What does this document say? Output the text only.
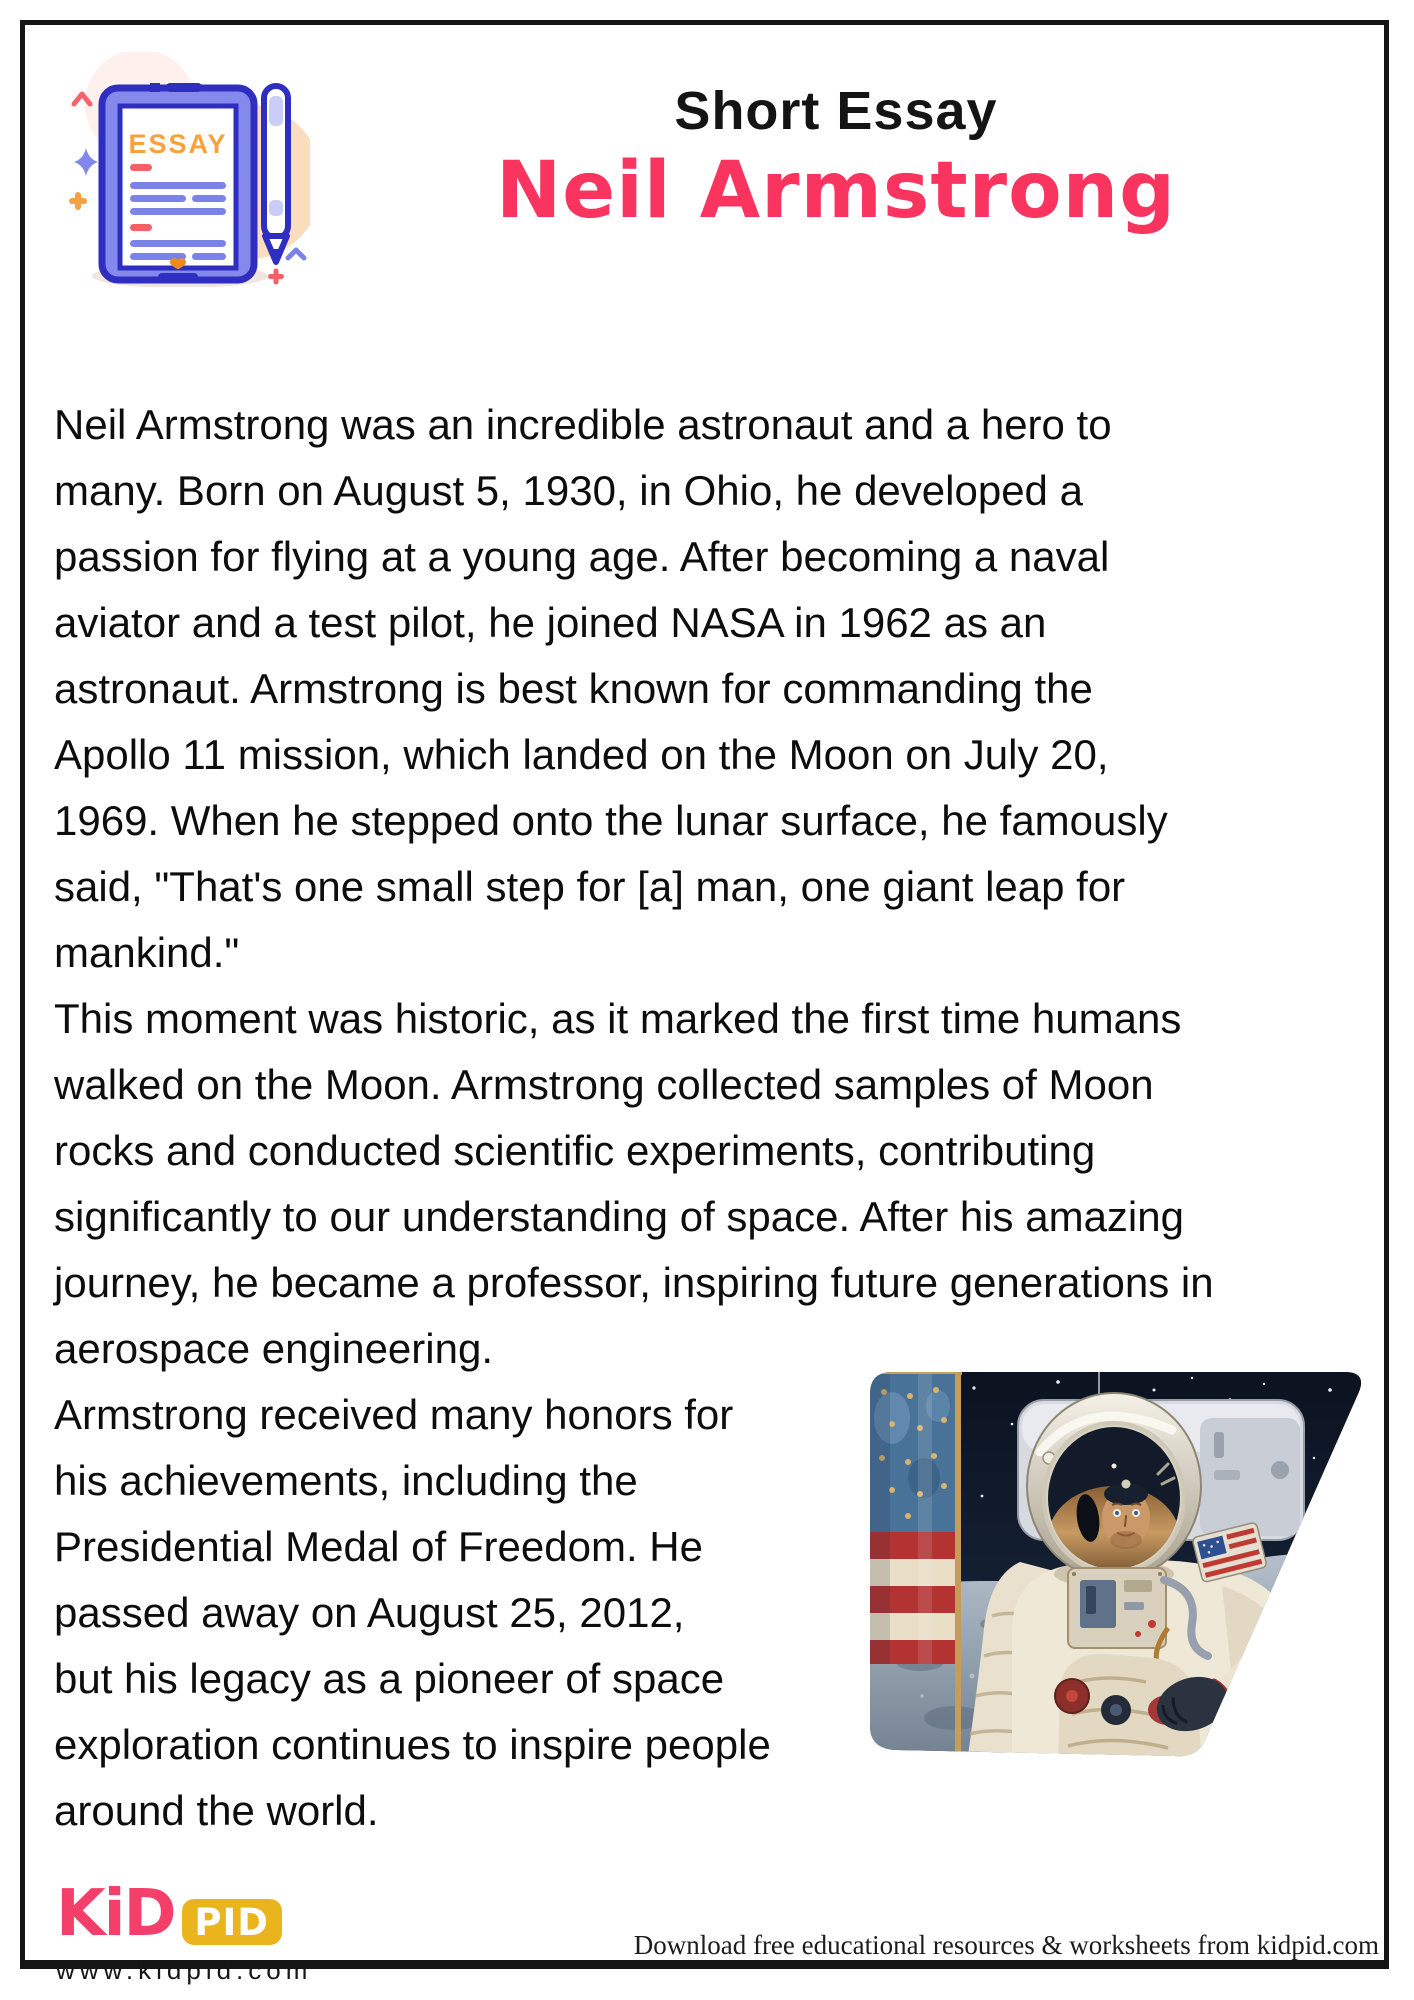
ESSAY
Short Essay
Neil Armstrong
Neil Armstrong was an incredible astronaut and a hero to
many. Born on August 5, 1930, in Ohio, he developed a
passion for flying at a young age. After becoming a naval
aviator and a test pilot, he joined NASA in 1962 as an
astronaut. Armstrong is best known for commanding the
Apollo 11 mission, which landed on the Moon on July 20,
1969. When he stepped onto the lunar surface, he famously
said, "That's one small step for [a] man, one giant leap for
mankind."
This moment was historic, as it marked the first time humans
walked on the Moon. Armstrong collected samples of Moon
rocks and conducted scientific experiments, contributing
significantly to our understanding of space. After his amazing
journey, he became a professor, inspiring future generations in
aerospace engineering.
Armstrong received many honors for
his achievements, including the
Presidential Medal of Freedom. He
passed away on August 25, 2012,
but his legacy as a pioneer of space
exploration continues to inspire people
around the world.
KiD PID
www.kidpid.com
Download free educational resources & worksheets from kidpid.com
